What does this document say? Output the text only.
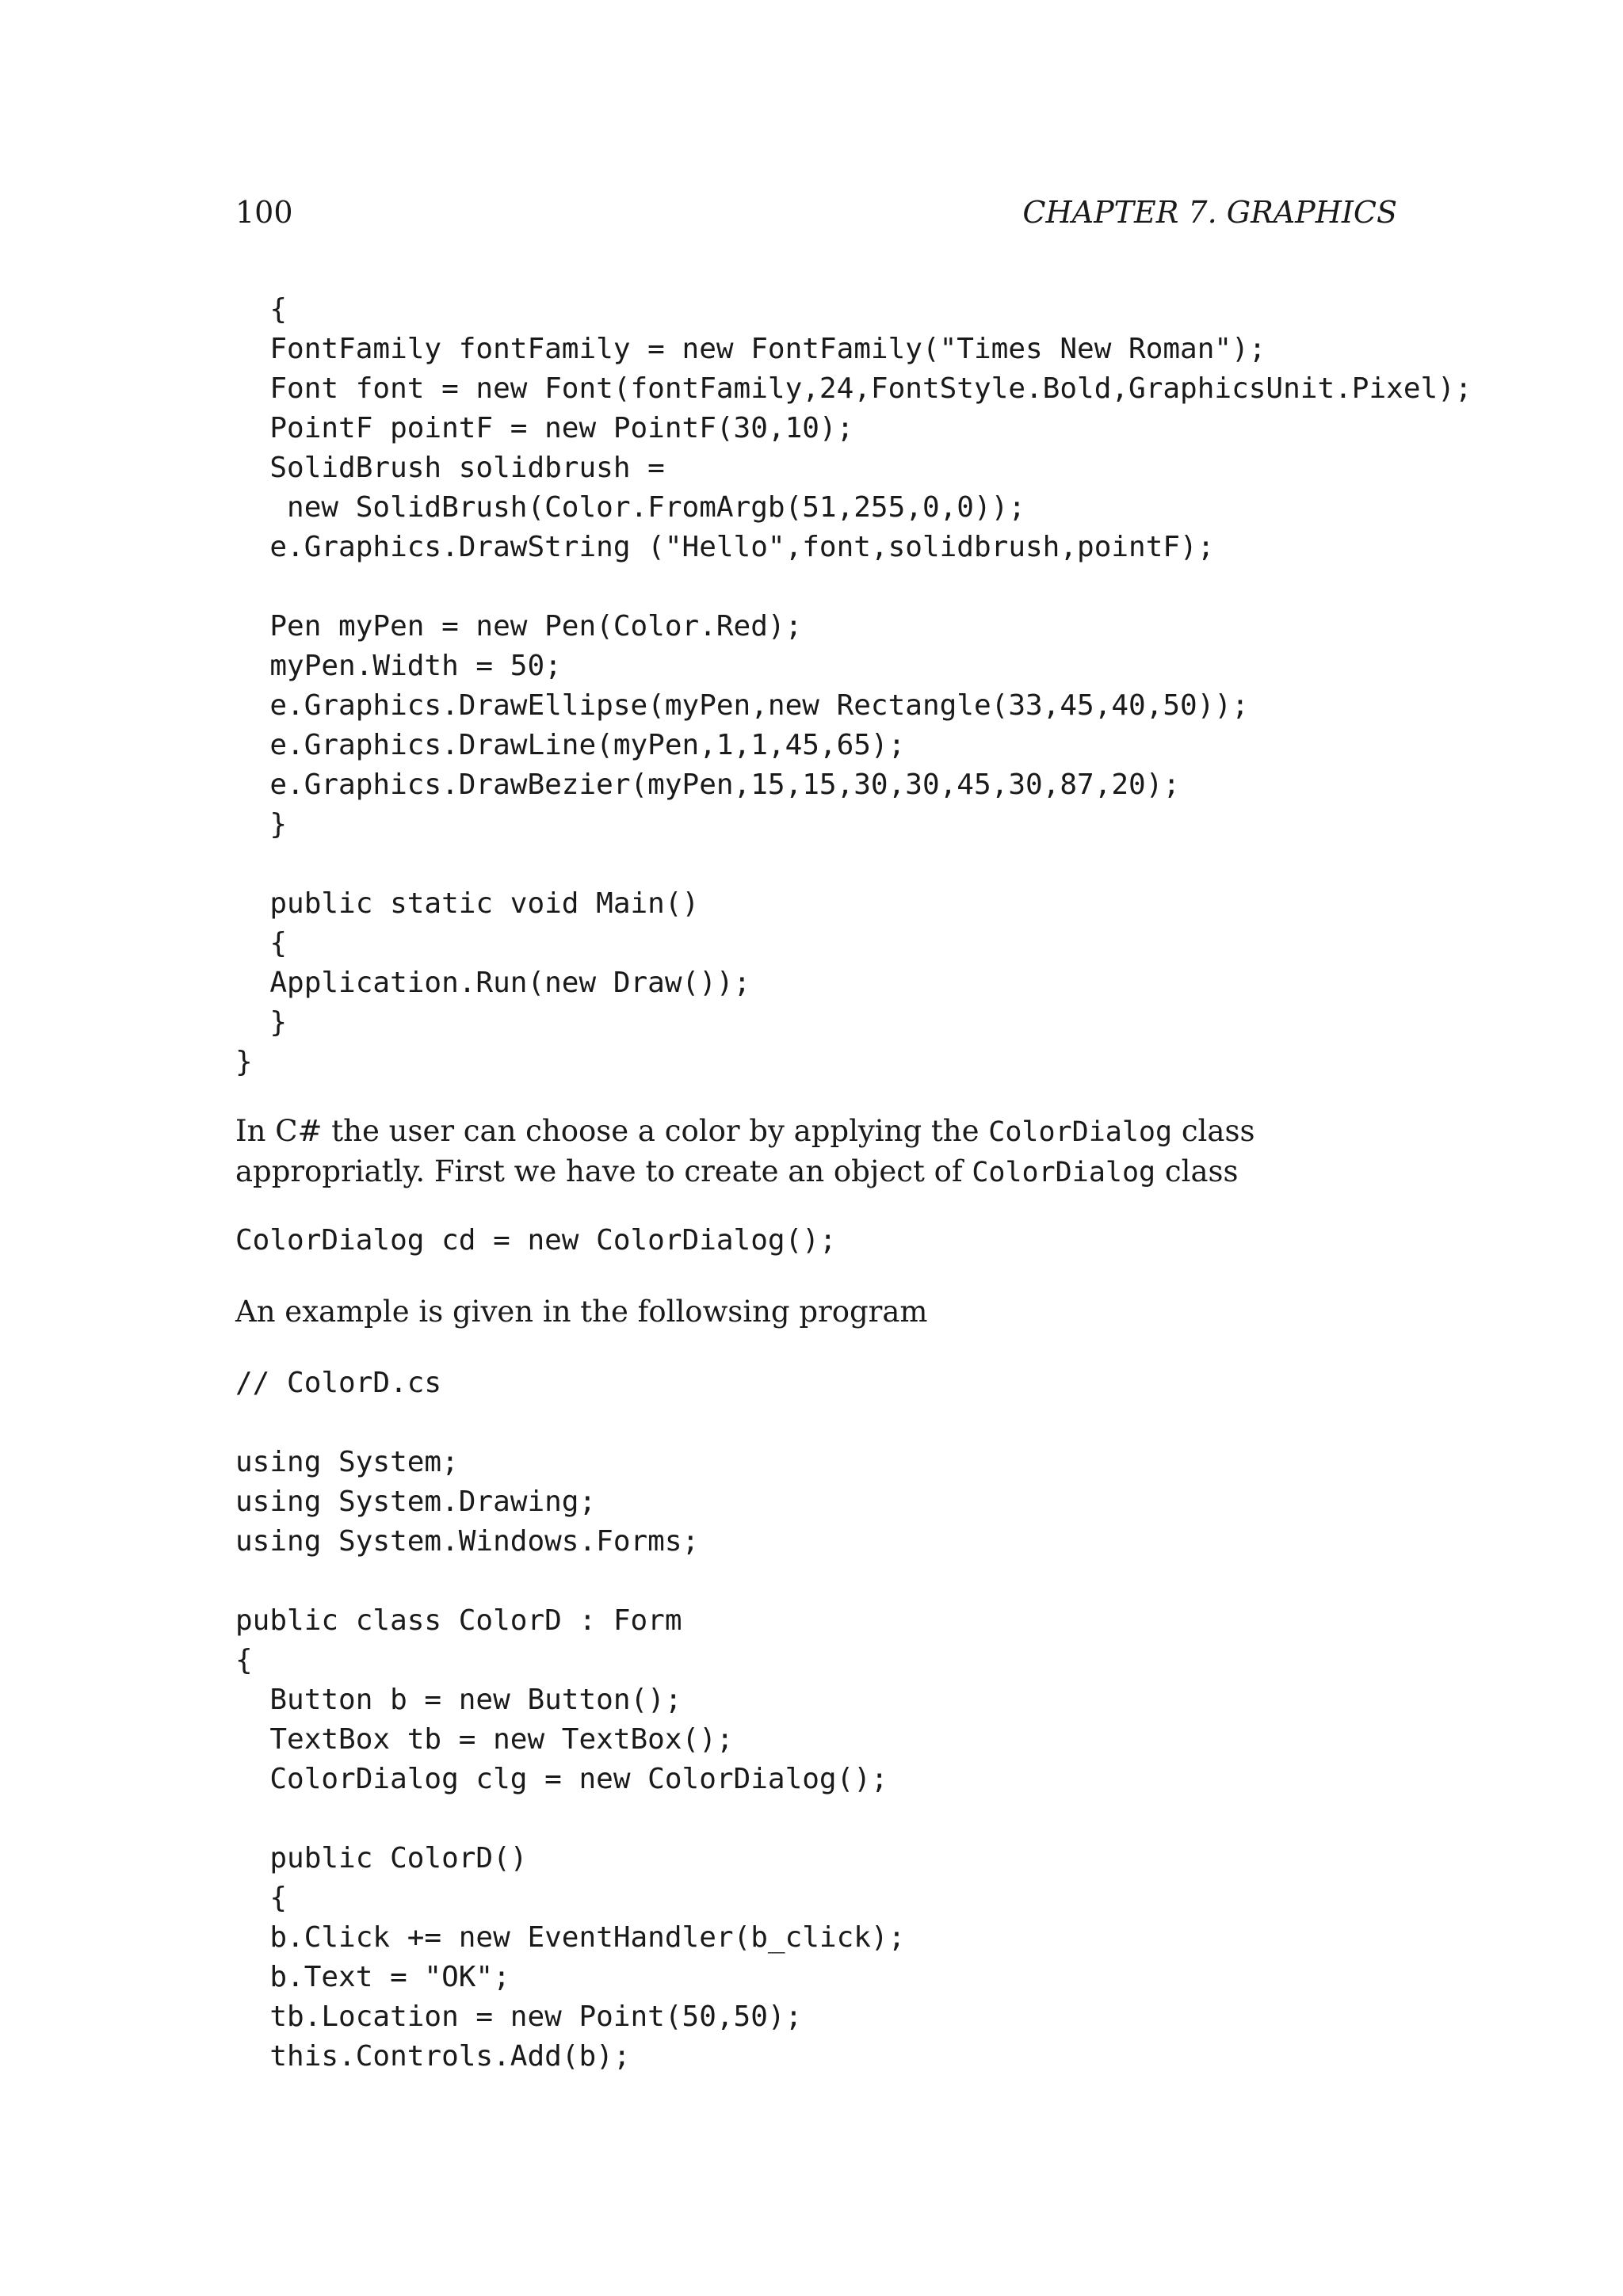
100	CHAPTER 7. GRAPHICS
{
FontFamily fontFamily = new FontFamily("Times New Roman");
Font font = new Font(fontFamily,24,FontStyle.Bold,GraphicsUnit.Pixel);
PointF pointF = new PointF(30,10);
SolidBrush solidbrush =
new SolidBrush(Color.FromArgb(51,255,0,0));
e.Graphics.DrawString ("Hello",font,solidbrush,pointF);

Pen myPen = new Pen(Color.Red);
myPen.Width = 50;
e.Graphics.DrawEllipse(myPen,new Rectangle(33,45,40,50));
e.Graphics.DrawLine(myPen,1,1,45,65);
e.Graphics.DrawBezier(myPen,15,15,30,30,45,30,87,20);
}

public static void Main()
{
Application.Run(new Draw());
}
}
In C# the user can choose a color by applying the ColorDialog class appropriatly. First we have to create an object of ColorDialog class
ColorDialog cd = new ColorDialog();
An example is given in the followsing program
// ColorD.cs

using System;
using System.Drawing;
using System.Windows.Forms;

public class ColorD : Form
{
Button b = new Button();
TextBox tb = new TextBox();
ColorDialog clg = new ColorDialog();

public ColorD()
{
b.Click += new EventHandler(b_click);
b.Text = "OK";
tb.Location = new Point(50,50);
this.Controls.Add(b);
